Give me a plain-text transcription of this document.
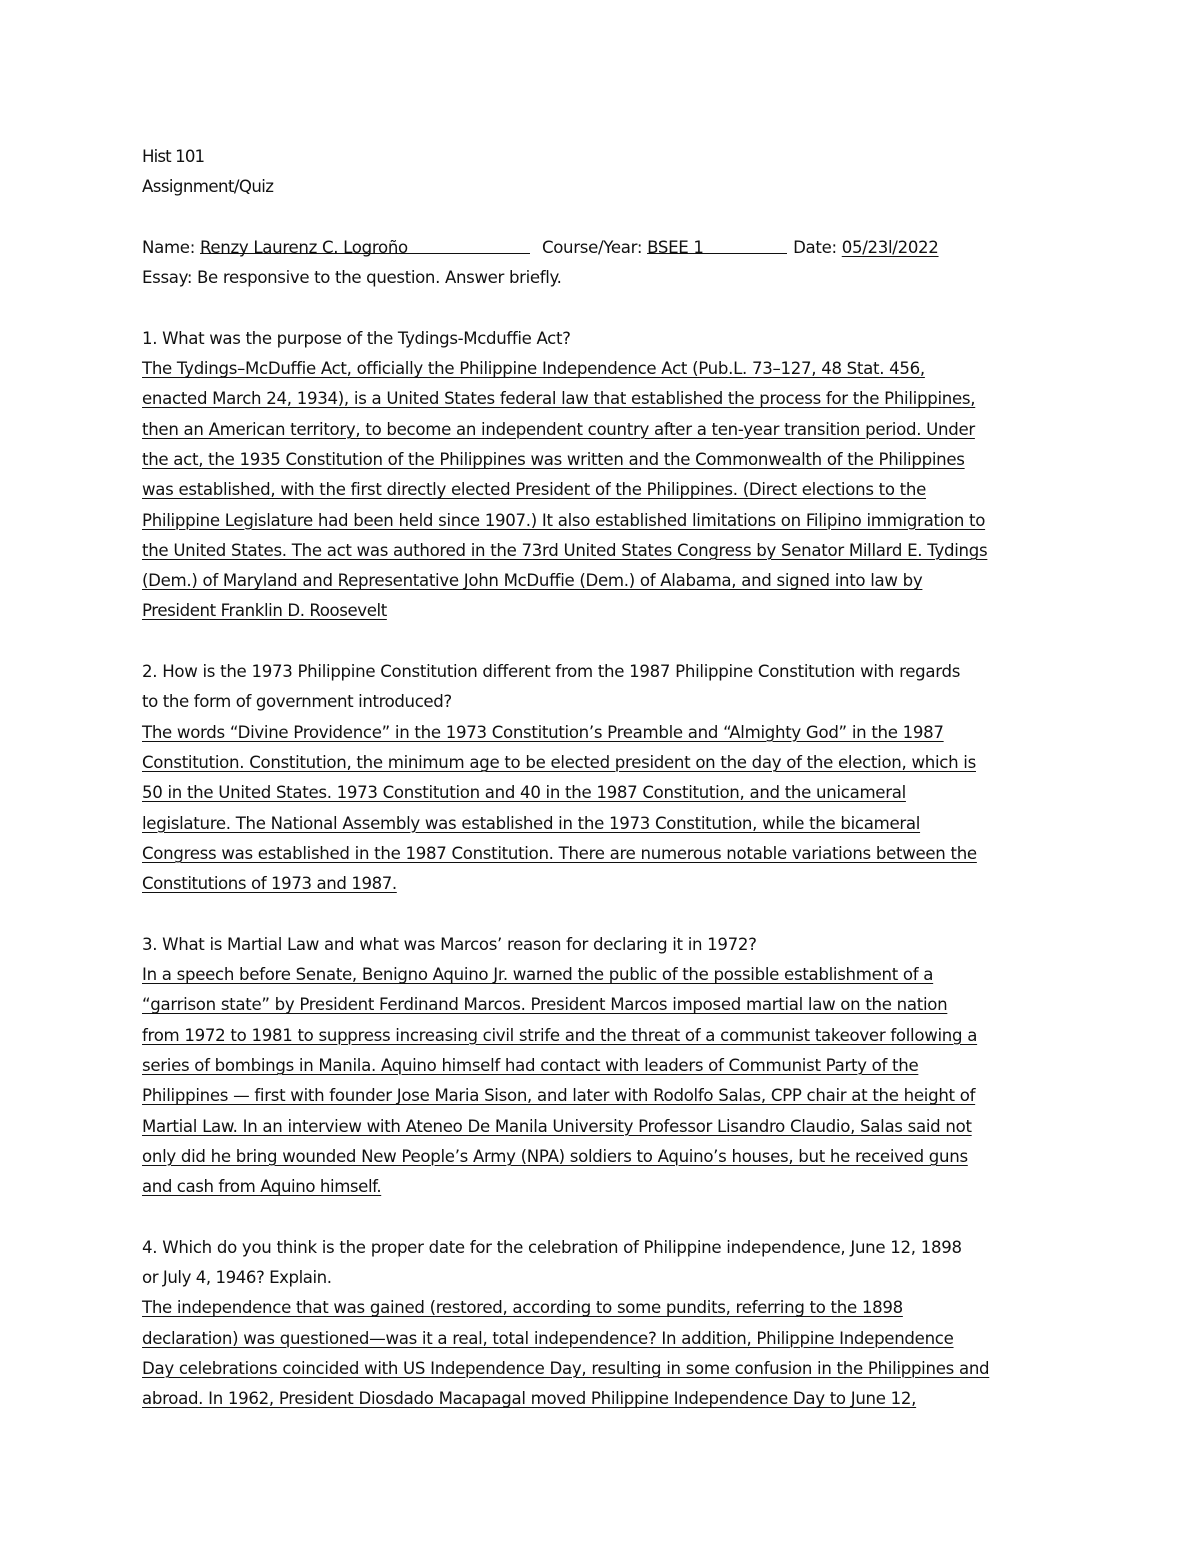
Hist 101
Assignment/Quiz
Name: Renzy Laurenz C. Logroño	Course/Year: BSEE 1	Date: 05/23l/2022
Essay: Be responsive to the question. Answer briefly.
1. What was the purpose of the Tydings-Mcduffie Act?
The Tydings–McDuffie Act, officially the Philippine Independence Act (Pub.L. 73–127, 48 Stat. 456,
enacted March 24, 1934), is a United States federal law that established the process for the Philippines,
then an American territory, to become an independent country after a ten-year transition period. Under
the act, the 1935 Constitution of the Philippines was written and the Commonwealth of the Philippines
was established, with the first directly elected President of the Philippines. (Direct elections to the
Philippine Legislature had been held since 1907.) It also established limitations on Filipino immigration to
the United States. The act was authored in the 73rd United States Congress by Senator Millard E. Tydings
(Dem.) of Maryland and Representative John McDuffie (Dem.) of Alabama, and signed into law by
President Franklin D. Roosevelt
2. How is the 1973 Philippine Constitution different from the 1987 Philippine Constitution with regards
to the form of government introduced?
The words “Divine Providence” in the 1973 Constitution’s Preamble and “Almighty God” in the 1987
Constitution. Constitution, the minimum age to be elected president on the day of the election, which is
50 in the United States. 1973 Constitution and 40 in the 1987 Constitution, and the unicameral
legislature. The National Assembly was established in the 1973 Constitution, while the bicameral
Congress was established in the 1987 Constitution. There are numerous notable variations between the
Constitutions of 1973 and 1987.
3. What is Martial Law and what was Marcos’ reason for declaring it in 1972?
In a speech before Senate, Benigno Aquino Jr. warned the public of the possible establishment of a
“garrison state” by President Ferdinand Marcos. President Marcos imposed martial law on the nation
from 1972 to 1981 to suppress increasing civil strife and the threat of a communist takeover following a
series of bombings in Manila. Aquino himself had contact with leaders of Communist Party of the
Philippines — first with founder Jose Maria Sison, and later with Rodolfo Salas, CPP chair at the height of
Martial Law. In an interview with Ateneo De Manila University Professor Lisandro Claudio, Salas said not
only did he bring wounded New People’s Army (NPA) soldiers to Aquino’s houses, but he received guns
and cash from Aquino himself.
4. Which do you think is the proper date for the celebration of Philippine independence, June 12, 1898
or July 4, 1946? Explain.
The independence that was gained (restored, according to some pundits, referring to the 1898
declaration) was questioned—was it a real, total independence? In addition, Philippine Independence
Day celebrations coincided with US Independence Day, resulting in some confusion in the Philippines and
abroad. In 1962, President Diosdado Macapagal moved Philippine Independence Day to June 12,
